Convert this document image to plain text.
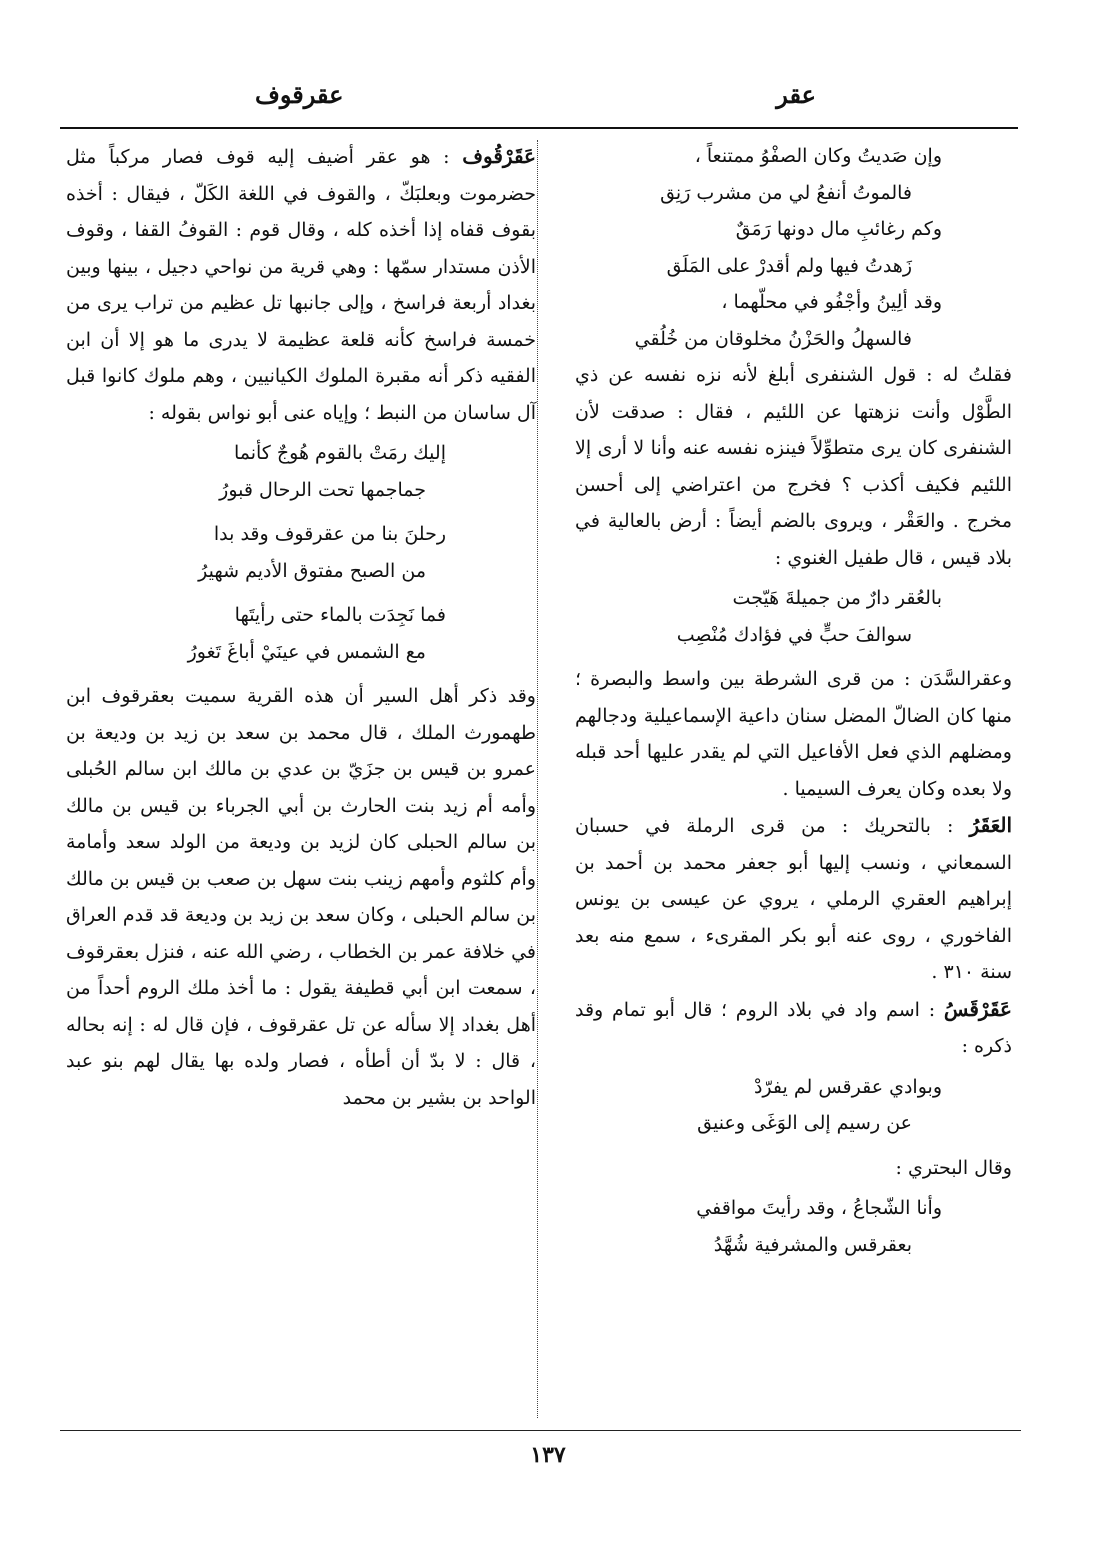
عقر
عقرقوف

وإن صَديتُ وكان الصفْوُ ممتنعاً ،

فالموتُ أنفعُ لي من مشرب رَنِق

وكم رغائبِ مال دونها رَمَقٌ

زَهدتُ فيها ولم أقدرْ على المَلَق

وقد ألِينُ وأجْفُو في محلّهما ،

فالسهلُ والحَزْنُ مخلوقان من خُلُقي

فقلتُ له : قول الشنفرى أبلغ لأنه نزه نفسه عن ذي الطَّوْل وأنت نزهتها عن اللئيم ، فقال : صدقت لأن الشنفرى كان يرى متطوِّلاً فينزه نفسه عنه وأنا لا أرى إلا اللئيم فكيف أكذب ؟ فخرج من اعتراضي إلى أحسن مخرج . والعَقْر ، ويروى بالضم أيضاً : أرض بالعالية في بلاد قيس ، قال طفيل الغنوي :

بالعُقر دارٌ من جميلةَ هَيّجت

سوالفَ حبٍّ في فؤادك مُنْصِب

وعقرالسَّدَن : من قرى الشرطة بين واسط والبصرة ؛ منها كان الضالّ المضل سنان داعية الإسماعيلية ودجالهم ومضلهم الذي فعل الأفاعيل التي لم يقدر عليها أحد قبله ولا بعده وكان يعرف السيميا .

العَقَرُ : بالتحريك : من قرى الرملة في حسبان السمعاني ، ونسب إليها أبو جعفر محمد بن أحمد بن إبراهيم العقري الرملي ، يروي عن عيسى بن يونس الفاخوري ، روى عنه أبو بكر المقرىء ، سمع منه بعد سنة ٣١٠ .

عَقَرْقَسُ : اسم واد في بلاد الروم ؛ قال أبو تمام وقد ذكره :

وبوادي عقرقس لم يفرّدْ

عن رسيم إلى الوَغَى وعنيق

وقال البحتري :

وأنا الشّجاعُ ، وقد رأيتَ مواقفي

بعقرقس والمشرفية شُهَّدُ

عَقَرْقُوف : هو عقر أضيف إليه قوف فصار مركباً مثل حضرموت وبعلبَكّ ، والقوف في اللغة الكَلّ ، فيقال : أخذه بقوف قفاه إذا أخذه كله ، وقال قوم : القوفُ القفا ، وقوف الأذن مستدار سمّها : وهي قرية من نواحي دجيل ، بينها وبين بغداد أربعة فراسخ ، وإلى جانبها تل عظيم من تراب يرى من خمسة فراسخ كأنه قلعة عظيمة لا يدرى ما هو إلا أن ابن الفقيه ذكر أنه مقبرة الملوك الكيانيين ، وهم ملوك كانوا قبل آل ساسان من النبط ؛ وإياه عنى أبو نواس بقوله :

إليك رمَتْ بالقوم هُوجٌ كأنما

جماجمها تحت الرحال قبورُ

رحلنَ بنا من عقرقوف وقد بدا

من الصبح مفتوق الأديم شهيرُ

فما نَجِدَت بالماء حتى رأيتَها

مع الشمس في عينَيْ أباغَ تَغورُ

وقد ذكر أهل السير أن هذه القرية سميت بعقرقوف ابن طهمورث الملك ، قال محمد بن سعد بن زيد بن وديعة بن عمرو بن قيس بن جزَيّ بن عدي بن مالك ابن سالم الحُبلى وأمه أم زيد بنت الحارث بن أبي الجرباء بن قيس بن مالك بن سالم الحبلى كان لزيد بن وديعة من الولد سعد وأمامة وأم كلثوم وأمهم زينب بنت سهل بن صعب بن قيس بن مالك بن سالم الحبلى ، وكان سعد بن زيد بن وديعة قد قدم العراق في خلافة عمر بن الخطاب ، رضي الله عنه ، فنزل بعقرقوف ، سمعت ابن أبي قطيفة يقول : ما أخذ ملك الروم أحداً من أهل بغداد إلا سأله عن تل عقرقوف ، فإن قال له : إنه بحاله ، قال : لا بدّ أن أطأه ، فصار ولده بها يقال لهم بنو عبد الواحد بن بشير بن محمد

١٣٧
